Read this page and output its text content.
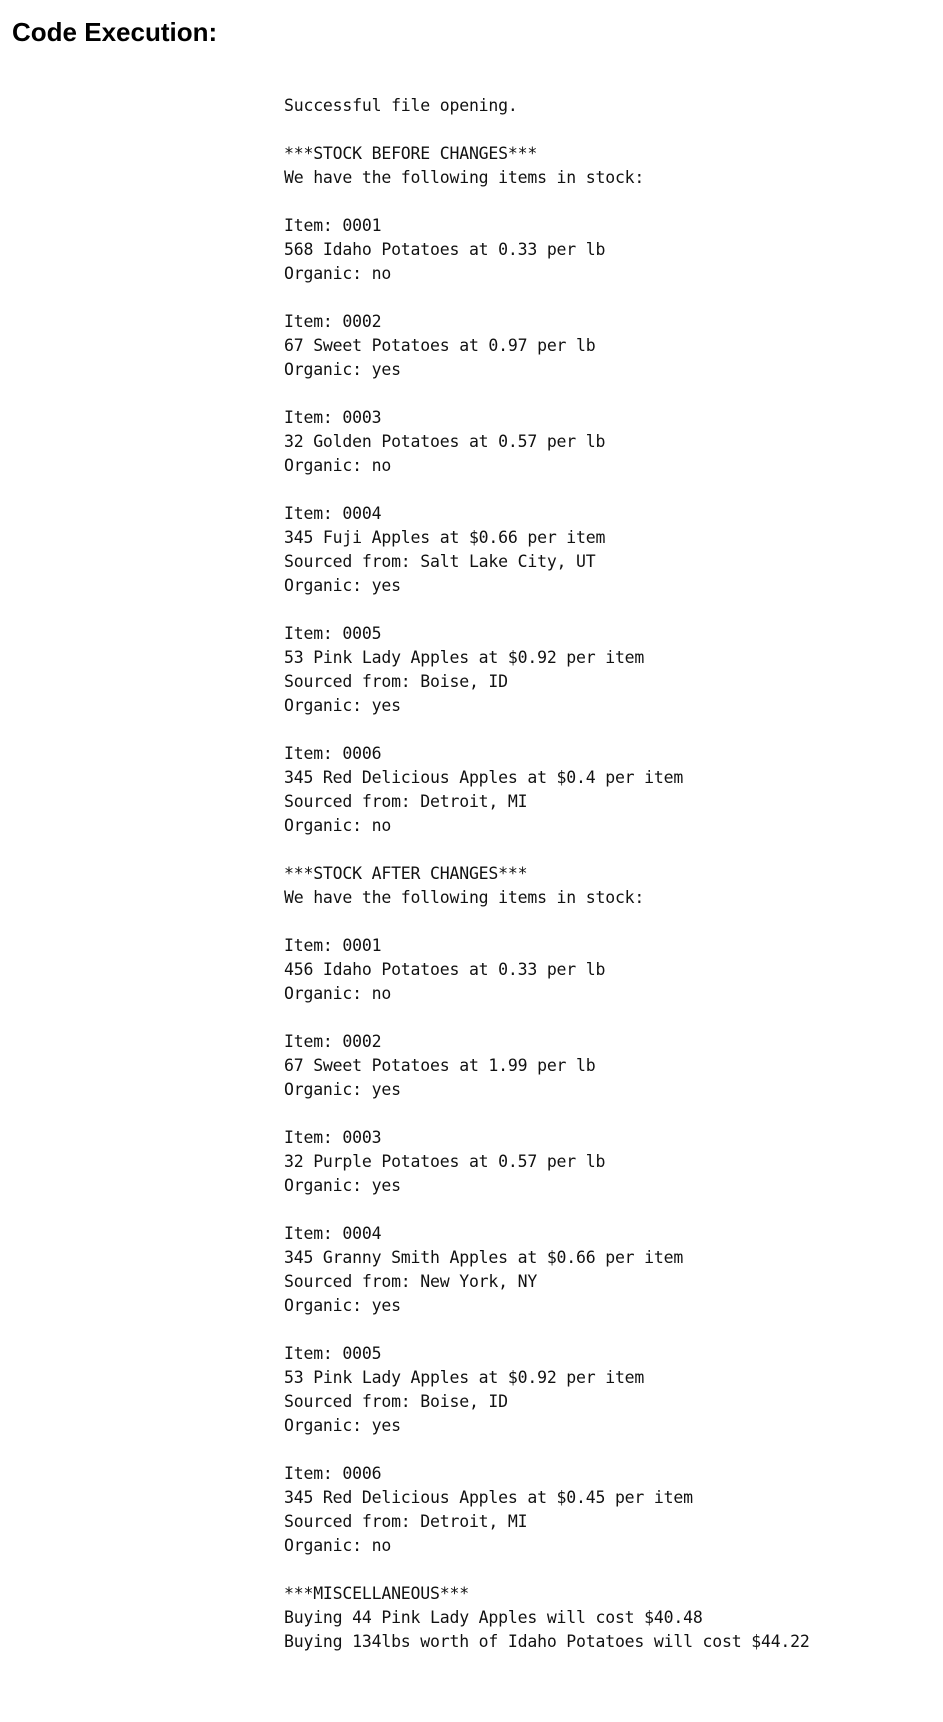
Code Execution:
Successful file opening.
***STOCK BEFORE CHANGES***
We have the following items in stock:
Item: 0001
568 Idaho Potatoes at 0.33 per lb
Organic: no
Item: 0002
67 Sweet Potatoes at 0.97 per lb
Organic: yes
Item: 0003
32 Golden Potatoes at 0.57 per lb
Organic: no
Item: 0004
345 Fuji Apples at $0.66 per item
Sourced from: Salt Lake City, UT
Organic: yes
Item: 0005
53 Pink Lady Apples at $0.92 per item
Sourced from: Boise, ID
Organic: yes
Item: 0006
345 Red Delicious Apples at $0.4 per item
Sourced from: Detroit, MI
Organic: no
***STOCK AFTER CHANGES***
We have the following items in stock:
Item: 0001
456 Idaho Potatoes at 0.33 per lb
Organic: no
Item: 0002
67 Sweet Potatoes at 1.99 per lb
Organic: yes
Item: 0003
32 Purple Potatoes at 0.57 per lb
Organic: yes
Item: 0004
345 Granny Smith Apples at $0.66 per item
Sourced from: New York, NY
Organic: yes
Item: 0005
53 Pink Lady Apples at $0.92 per item
Sourced from: Boise, ID
Organic: yes
Item: 0006
345 Red Delicious Apples at $0.45 per item
Sourced from: Detroit, MI
Organic: no
***MISCELLANEOUS***
Buying 44 Pink Lady Apples will cost $40.48
Buying 134lbs worth of Idaho Potatoes will cost $44.22
